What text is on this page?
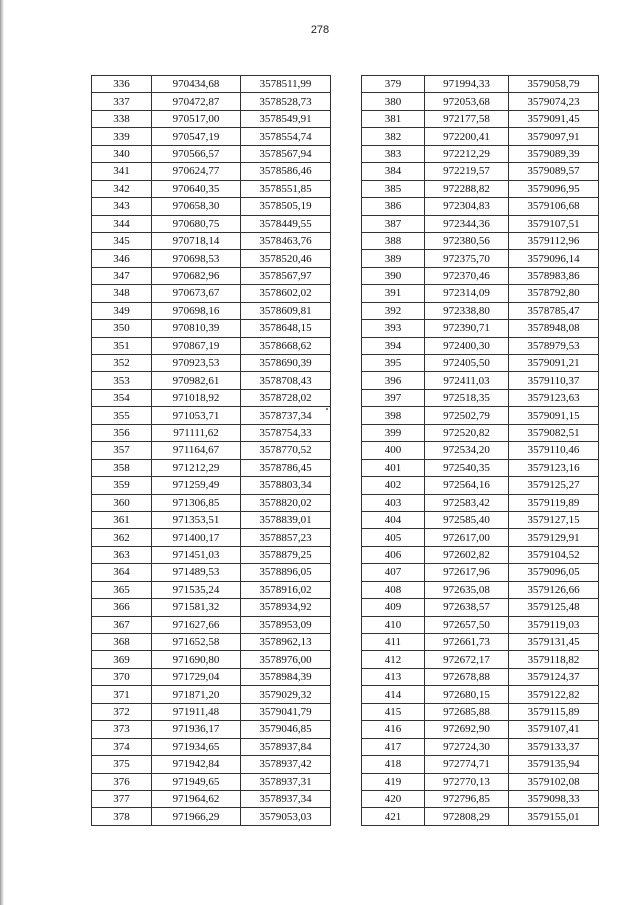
278
336	970434,68	3578511,99
337	970472,87	3578528,73
338	970517,00	3578549,91
339	970547,19	3578554,74
340	970566,57	3578567,94
341	970624,77	3578586,46
342	970640,35	3578551,85
343	970658,30	3578505,19
344	970680,75	3578449,55
345	970718,14	3578463,76
346	970698,53	3578520,46
347	970682,96	3578567,97
348	970673,67	3578602,02
349	970698,16	3578609,81
350	970810,39	3578648,15
351	970867,19	3578668,62
352	970923,53	3578690,39
353	970982,61	3578708,43
354	971018,92	3578728,02
355	971053,71	3578737,34
356	971111,62	3578754,33
357	971164,67	3578770,52
358	971212,29	3578786,45
359	971259,49	3578803,34
360	971306,85	3578820,02
361	971353,51	3578839,01
362	971400,17	3578857,23
363	971451,03	3578879,25
364	971489,53	3578896,05
365	971535,24	3578916,02
366	971581,32	3578934,92
367	971627,66	3578953,09
368	971652,58	3578962,13
369	971690,80	3578976,00
370	971729,04	3578984,39
371	971871,20	3579029,32
372	971911,48	3579041,79
373	971936,17	3579046,85
374	971934,65	3578937,84
375	971942,84	3578937,42
376	971949,65	3578937,31
377	971964,62	3578937,34
378	971966,29	3579053,03
379	971994,33	3579058,79
380	972053,68	3579074,23
381	972177,58	3579091,45
382	972200,41	3579097,91
383	972212,29	3579089,39
384	972219,57	3579089,57
385	972288,82	3579096,95
386	972304,83	3579106,68
387	972344,36	3579107,51
388	972380,56	3579112,96
389	972375,70	3579096,14
390	972370,46	3578983,86
391	972314,09	3578792,80
392	972338,80	3578785,47
393	972390,71	3578948,08
394	972400,30	3578979,53
395	972405,50	3579091,21
396	972411,03	3579110,37
397	972518,35	3579123,63
398	972502,79	3579091,15
399	972520,82	3579082,51
400	972534,20	3579110,46
401	972540,35	3579123,16
402	972564,16	3579125,27
403	972583,42	3579119,89
404	972585,40	3579127,15
405	972617,00	3579129,91
406	972602,82	3579104,52
407	972617,96	3579096,05
408	972635,08	3579126,66
409	972638,57	3579125,48
410	972657,50	3579119,03
411	972661,73	3579131,45
412	972672,17	3579118,82
413	972678,88	3579124,37
414	972680,15	3579122,82
415	972685,88	3579115,89
416	972692,90	3579107,41
417	972724,30	3579133,37
418	972774,71	3579135,94
419	972770,13	3579102,08
420	972796,85	3579098,33
421	972808,29	3579155,01
